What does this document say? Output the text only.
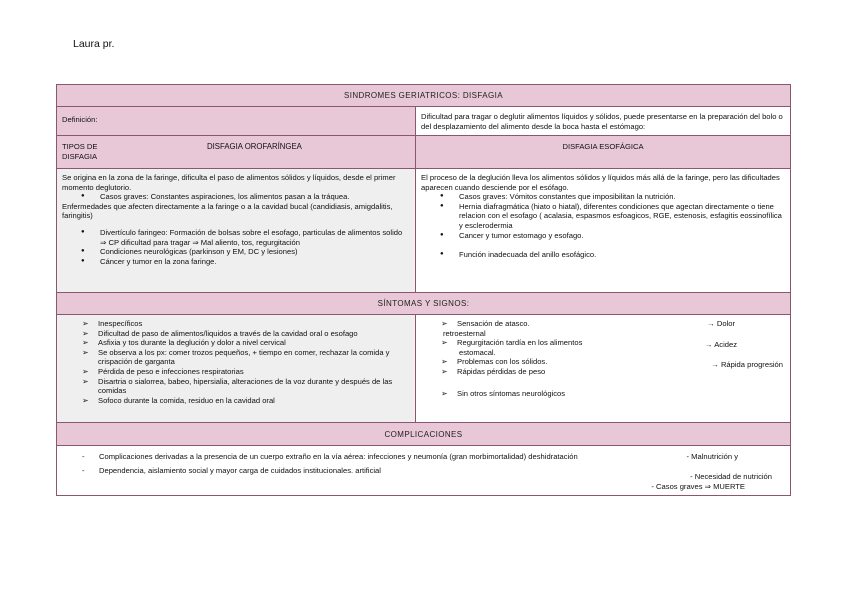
Laura pr.
SINDROMES GERIATRICOS: DISFAGIA
Definición:	Dificultad para tragar o deglutir alimentos líquidos y sólidos, puede presentarse en la preparación del bolo o del desplazamiento del alimento desde la boca hasta el estómago:
TIPOS DE DISFAGIA
DISFAGIA OROFARÍNGEA	DISFAGIA ESOFÁGICA
Se origina en la zona de la faringe, dificulta el paso de alimentos sólidos y líquidos, desde el primer momento deglutorio.
● Casos graves: Constantes aspiraciones, los alimentos pasan a la tráquea.
Enfermedades que afecten directamente a la faringe o a la cavidad bucal (candidiasis, amigdalitis, faringitis)
● Divertículo faringeo: Formación de bolsas sobre el esofago, particulas de alimentos solido ⇒ CP dificultad para tragar ⇒ Mal aliento, tos, regurgitación
● Condiciones neurológicas (parkinson y EM, DC y lesiones)
● Cáncer y tumor en la zona faringe.
El proceso de la deglución lleva los alimentos sólidos y líquidos más allá de la faringe, pero las dificultades aparecen cuando desciende por el esófago.
● Casos graves: Vómitos constantes que imposibilitan la nutrición.
● Hernia diafragmática (hiato o hiatal), diferentes condiciones que agectan directamente o tiene relacion con el esofago ( acalasia, espasmos esfoagicos, RGE, estenosis, esfagitis eossinofílica y esclerodermia
● Cancer y tumor estomago y esofago.
● Función inadecuada del anillo esofágico.
SÍNTOMAS Y SIGNOS:
➢ Inespecíficos
➢ Dificultad de paso de alimentos/liquidos a través de la cavidad oral o esofago
➢ Asfixia y tos durante la deglución y dolor a nivel cervical
➢ Se observa a los px: comer trozos pequeños, + tiempo en comer, rechazar la comida y crispación de garganta
➢ Pérdida de peso e infecciones respiratorias
➢ Disartria o sialorrea, babeo, hipersialia, alteraciones de la voz durante y después de las comidas
➢ Sofoco durante la comida, residuo en la cavidad oral
➢ Sensación de atasco.
retroesternal
➢ Regurgitación tardía en los alimentos
estomacal.
➢ Problemas con los sólidos.
➢ Rápidas pérdidas de peso
➢ Sin otros síntomas neurológicos
→ Dolor
→ Acidez
→ Rápida progresión
COMPLICACIONES
- Complicaciones derivadas a la presencia de un cuerpo extraño en la vía aérea: infecciones y neumonía (gran morbimortalidad) deshidratación
- Dependencia, aislamiento social y mayor carga de cuidados institucionales. artificial
- Malnutrición y
- Necesidad de nutrición
- Casos graves ⇒ MUERTE
